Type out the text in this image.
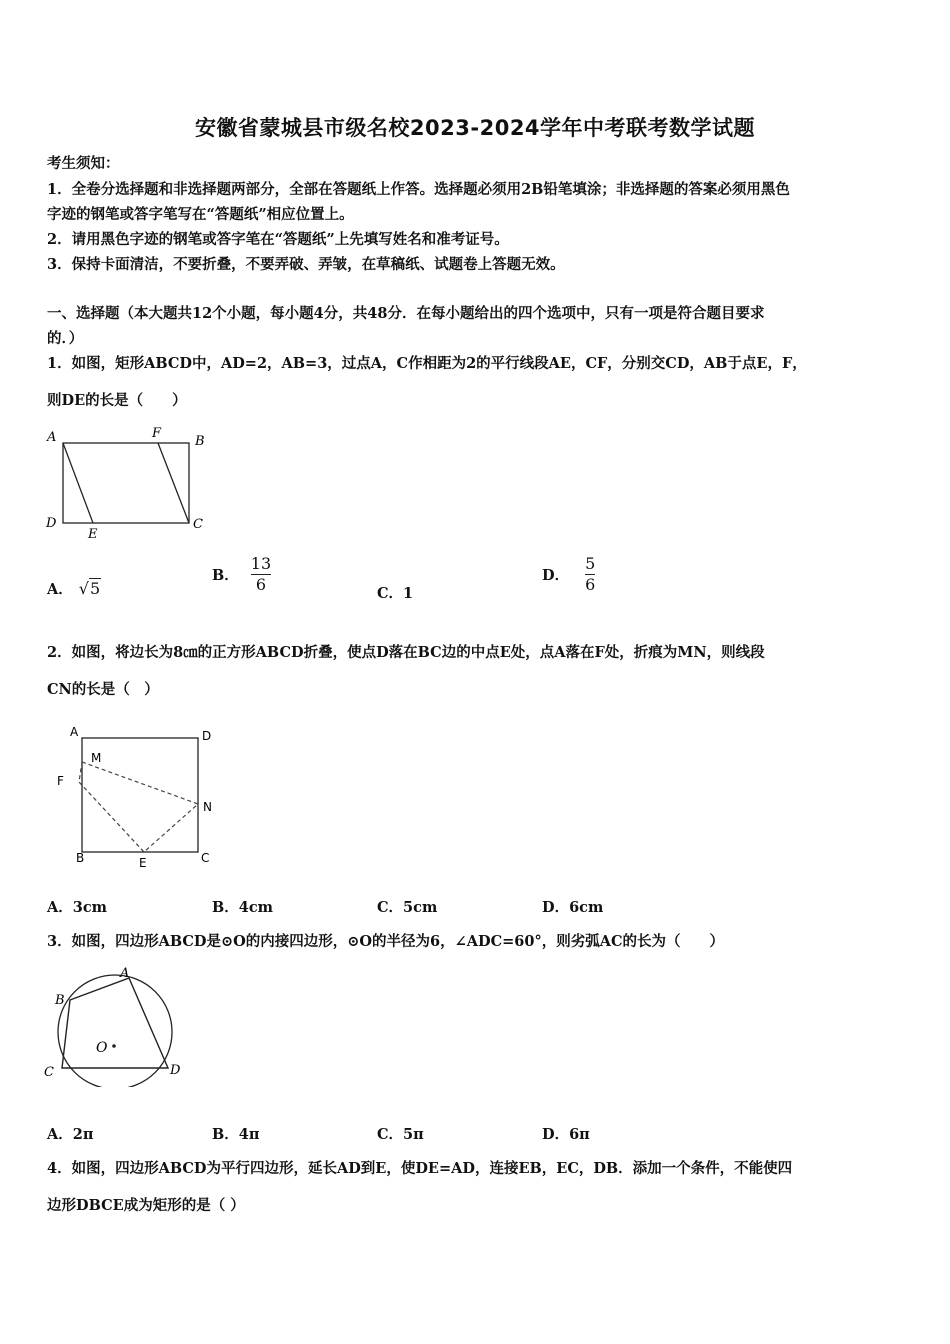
安徽省蒙城县市级名校2023-2024学年中考联考数学试题
考生须知：
1．全卷分选择题和非选择题两部分，全部在答题纸上作答。选择题必须用2B铅笔填涂；非选择题的答案必须用黑色
字迹的钢笔或答字笔写在“答题纸”相应位置上。
2．请用黑色字迹的钢笔或答字笔在“答题纸”上先填写姓名和准考证号。
3．保持卡面清洁，不要折叠，不要弄破、弄皱，在草稿纸、试题卷上答题无效。
一、选择题（本大题共12个小题，每小题4分，共48分．在每小题给出的四个选项中，只有一项是符合题目要求
的．）
1．如图，矩形ABCD中，AD=2，AB=3，过点A，C作相距为2的平行线段AE，CF，分别交CD，AB于点E，F，
则DE的长是（　　）
A	F
B
D
E
C
A． √5
B． $\frac{13}{6}$	C．1
D． $\frac{5}{6}$
2．如图，将边长为8㎝的正方形ABCD折叠，使点D落在BC边的中点E处，点A落在F处，折痕为MN，则线段
CN的长是（　）
A	D
M
F
N
B	E	C
A．3cm	B．4cm	C．5cm	D．6cm
3．如图，四边形ABCD是⊙O的内接四边形，⊙O的半径为6，∠ADC=60°，则劣弧AC的长为（　　）
A
B
O
C	D
A．2π	B．4π	C．5π	D．6π
4．如图，四边形ABCD为平行四边形，延长AD到E，使DE=AD，连接EB，EC，DB．添加一个条件，不能使四
边形DBCE成为矩形的是（ ）
